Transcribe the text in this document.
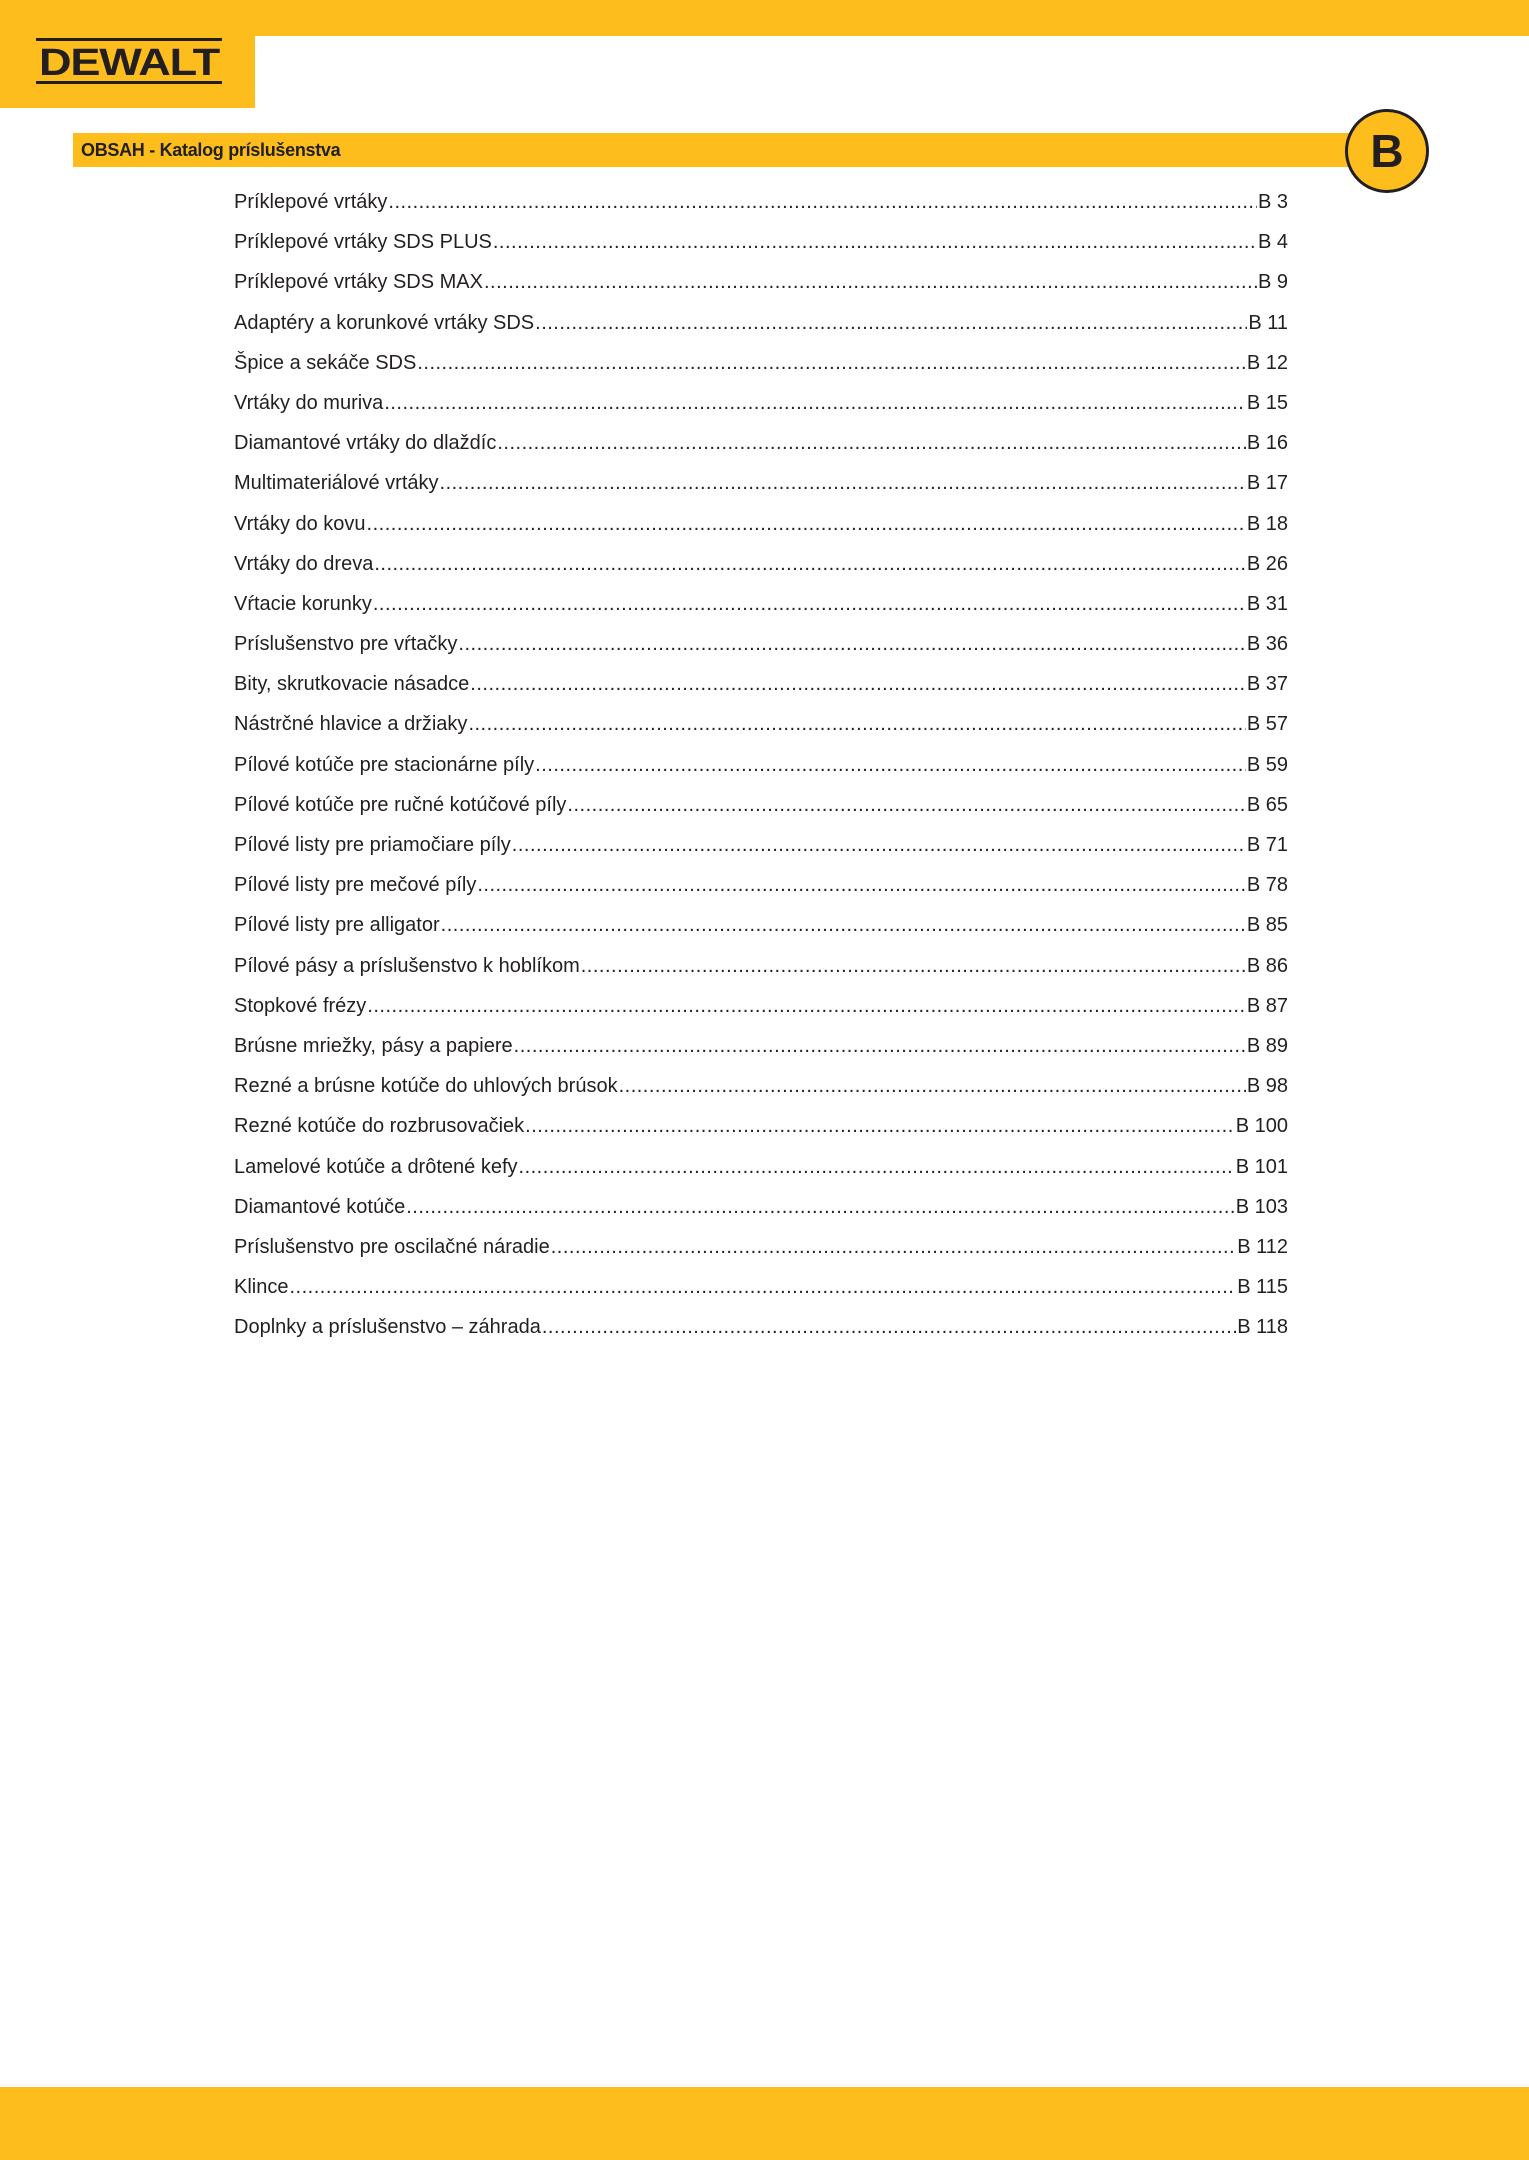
DEWALT
OBSAH - Katalog príslušenstva	B
Príklepové vrtáky .....	B 3
Príklepové vrtáky SDS PLUS .....	B 4
Príklepové vrtáky SDS MAX .....	B 9
Adaptéry a korunkové vrtáky SDS .....	B 11
Špice a sekáče SDS .....	B 12
Vrtáky do muriva .....	B 15
Diamantové vrtáky do dlaždíc .....	B 16
Multimateriálové vrtáky .....	B 17
Vrtáky do kovu .....	B 18
Vrtáky do dreva .....	B 26
Vŕtacie korunky .....	B 31
Príslušenstvo pre vŕtačky .....	B 36
Bity, skrutkovacie násadce .....	B 37
Nástrčné hlavice a držiaky .....	B 57
Pílové kotúče pre stacionárne píly .....	B 59
Pílové kotúče pre ručné kotúčové píly .....	B 65
Pílové listy pre priamočiare píly .....	B 71
Pílové listy pre mečové píly .....	B 78
Pílové listy pre alligator .....	B 85
Pílové pásy a príslušenstvo k hoblíkom .....	B 86
Stopkové frézy .....	B 87
Brúsne mriežky, pásy a papiere .....	B 89
Rezné a brúsne kotúče do uhlových brúsok .....	B 98
Rezné kotúče do rozbrusovačiek .....	B 100
Lamelové kotúče a drôtené kefy .....	B 101
Diamantové kotúče .....	B 103
Príslušenstvo pre oscilačné náradie .....	B 112
Klince .....	B 115
Doplnky a príslušenstvo – záhrada .....	B 118
